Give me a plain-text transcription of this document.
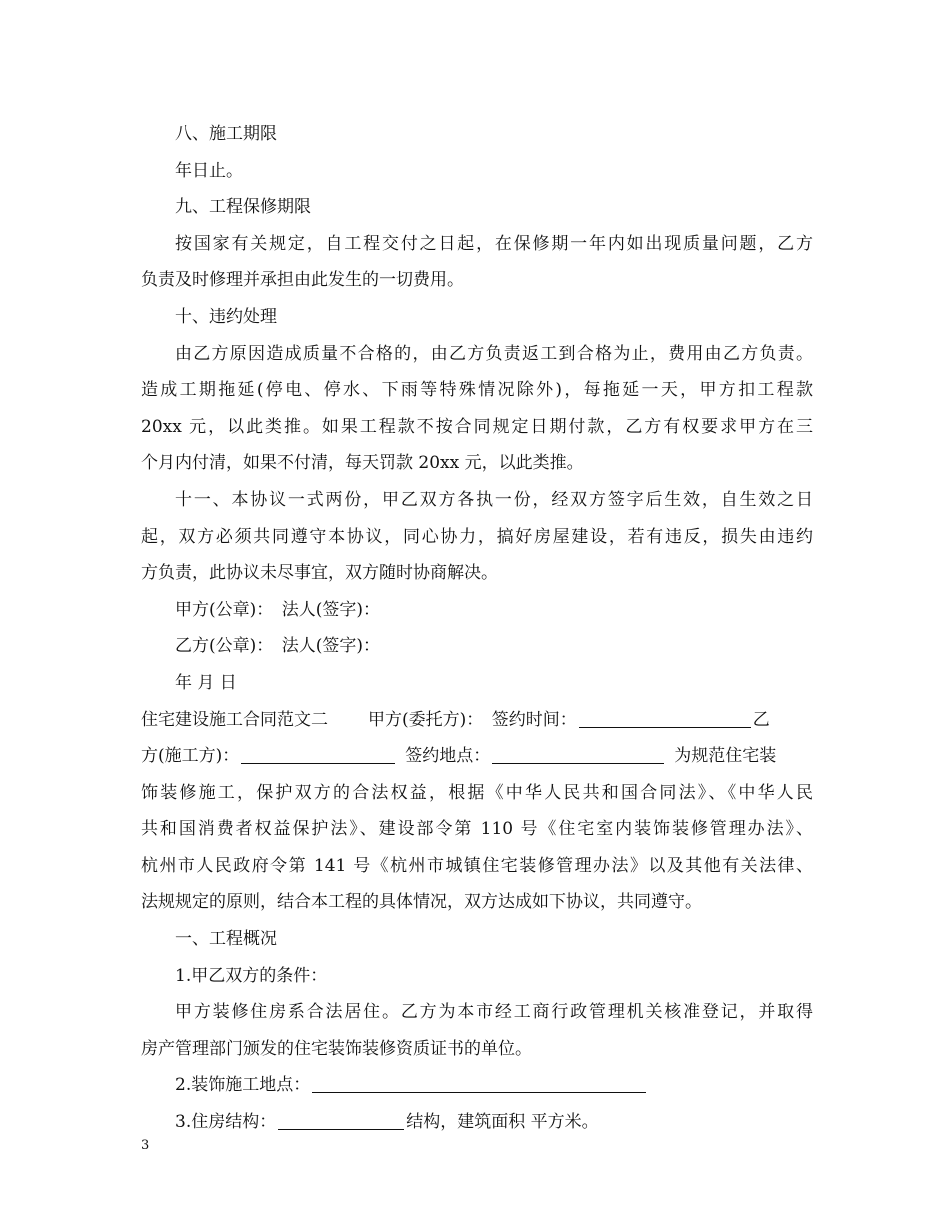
八、施工期限
年日止。
九、工程保修期限
按国家有关规定，自工程交付之日起，在保修期一年内如出现质量问题，乙方
负责及时修理并承担由此发生的一切费用。
十、违约处理
由乙方原因造成质量不合格的，由乙方负责返工到合格为止，费用由乙方负责。
造成工期拖延(停电、停水、下雨等特殊情况除外)，每拖延一天，甲方扣工程款
20xx 元，以此类推。如果工程款不按合同规定日期付款，乙方有权要求甲方在三
个月内付清，如果不付清，每天罚款 20xx 元，以此类推。
十一、本协议一式两份，甲乙双方各执一份，经双方签字后生效，自生效之日
起，双方必须共同遵守本协议，同心协力，搞好房屋建设，若有违反，损失由违约
方负责，此协议未尽事宜，双方随时协商解决。
甲方(公章)：　法人(签字)：
乙方(公章)：　法人(签字)：
年 月 日
住宅建设施工合同范文二 甲方(委托方)：　签约时间：	乙
方(施工方)：	签约地点：	为规范住宅装
饰装修施工，保护双方的合法权益，根据《中华人民共和国合同法》、《中华人民
共和国消费者权益保护法》、建设部令第 110 号《住宅室内装饰装修管理办法》、
杭州市人民政府令第 141 号《杭州市城镇住宅装修管理办法》以及其他有关法律、
法规规定的原则，结合本工程的具体情况，双方达成如下协议，共同遵守。
一、工程概况
1.甲乙双方的条件：
甲方装修住房系合法居住。乙方为本市经工商行政管理机关核准登记，并取得
房产管理部门颁发的住宅装饰装修资质证书的单位。
2.装饰施工地点：
3.住房结构：	结构，建筑面积 平方米。
3
